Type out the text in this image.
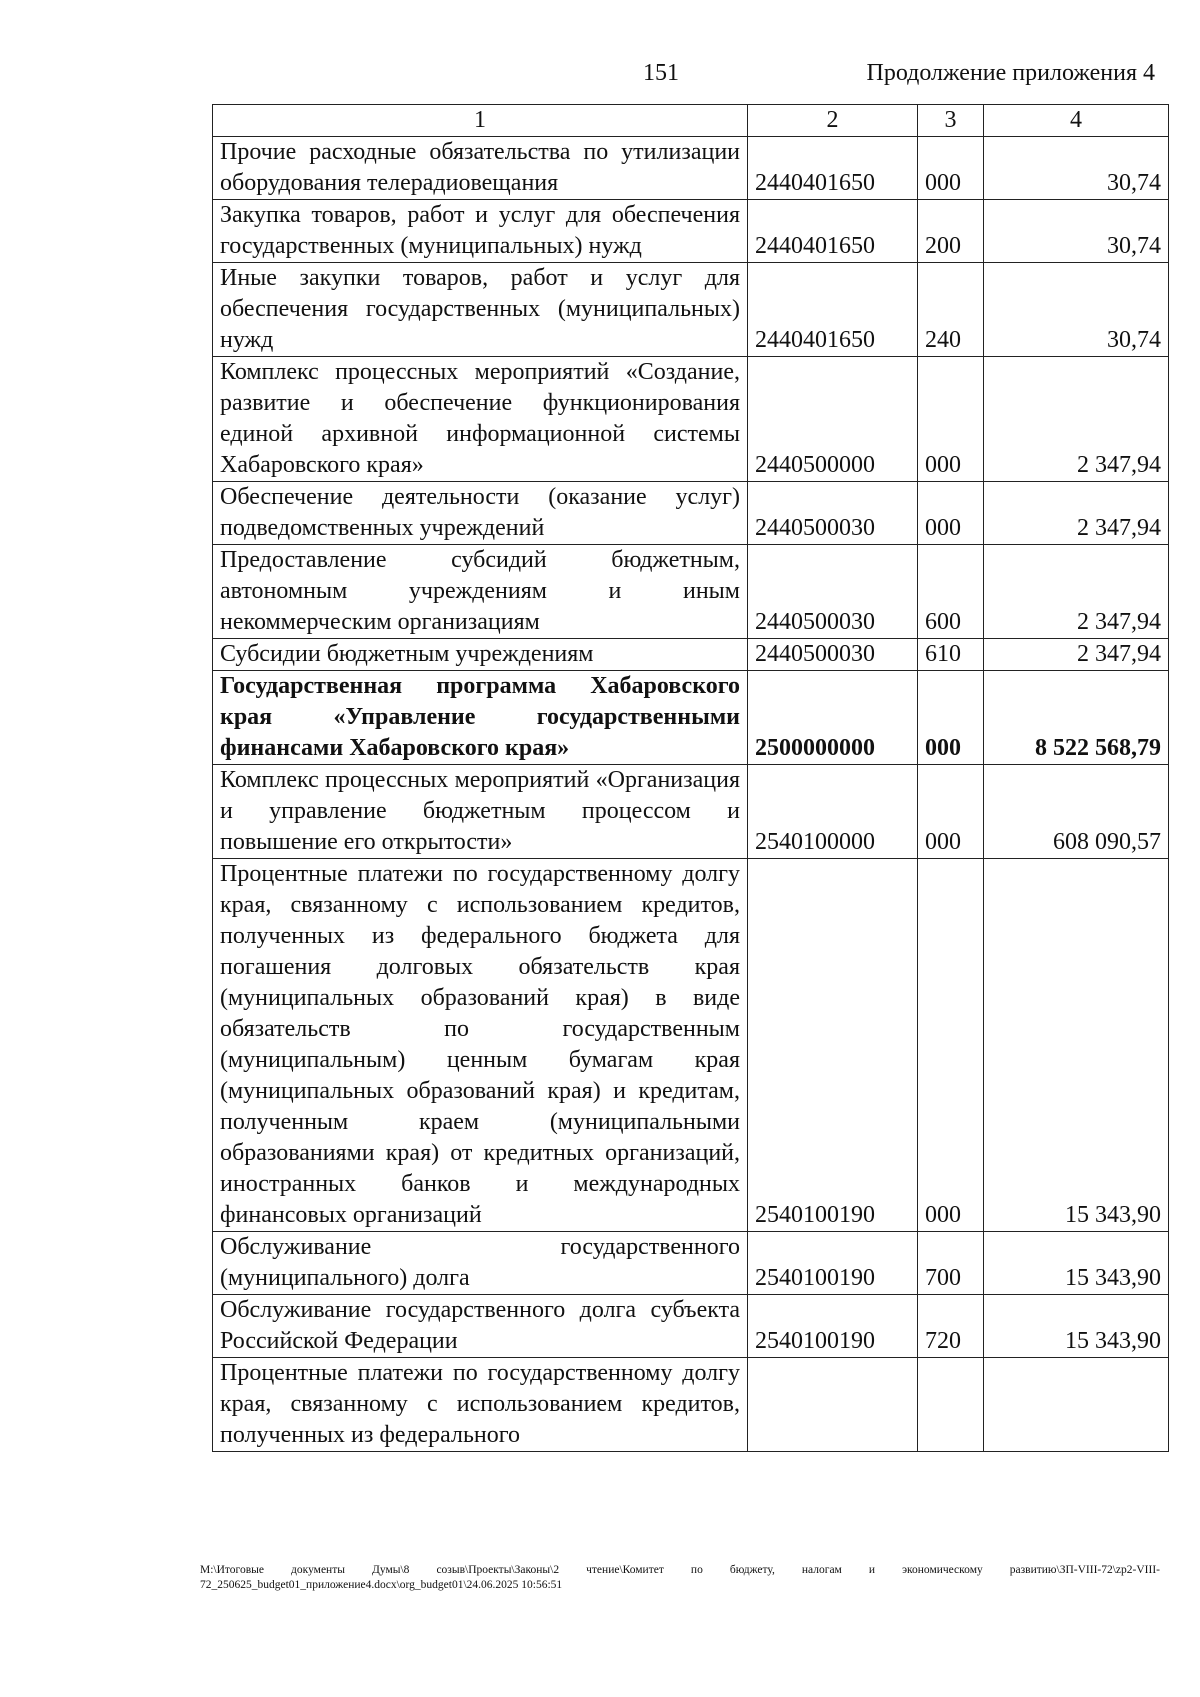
151	Продолжение приложения 4
1	2	3	4
Прочие расходные обязательства по утилизации оборудования телерадиовещания	2440401650	000	30,74
Закупка товаров, работ и услуг для обеспечения государственных (муниципальных) нужд	2440401650	200	30,74
Иные закупки товаров, работ и услуг для обеспечения государственных (муниципальных) нужд	2440401650	240	30,74
Комплекс процессных мероприятий «Создание, развитие и обеспечение функционирования единой архивной информационной системы Хабаровского края»	2440500000	000	2 347,94
Обеспечение деятельности (оказание услуг) подведомственных учреждений	2440500030	000	2 347,94
Предоставление субсидий бюджетным, автономным учреждениям и иным некоммерческим организациям	2440500030	600	2 347,94
Субсидии бюджетным учреждениям	2440500030	610	2 347,94
Государственная программа Хабаровского края «Управление государственными финансами Хабаровского края»	2500000000	000	8 522 568,79
Комплекс процессных мероприятий «Организация и управление бюджетным процессом и повышение его открытости»	2540100000	000	608 090,57
Процентные платежи по государственному долгу края, связанному с использованием кредитов, полученных из федерального бюджета для погашения долговых обязательств края (муниципальных образований края) в виде обязательств по государственным (муниципальным) ценным бумагам края (муниципальных образований края) и кредитам, полученным краем (муниципальными образованиями края) от кредитных организаций, иностранных банков и международных финансовых организаций	2540100190	000	15 343,90
Обслуживание государственного (муниципального) долга	2540100190	700	15 343,90
Обслуживание государственного долга субъекта Российской Федерации	2540100190	720	15 343,90
Процентные платежи по государственному долгу края, связанному с использованием кредитов, полученных из федерального			
M:\Итоговые документы Думы\8 созыв\Проекты\Законы\2 чтение\Комитет по бюджету, налогам и экономическому развитию\ЗП-VIII-72\zp2-VIII-72_250625_budget01_приложение4.docx\org_budget01\24.06.2025 10:56:51
